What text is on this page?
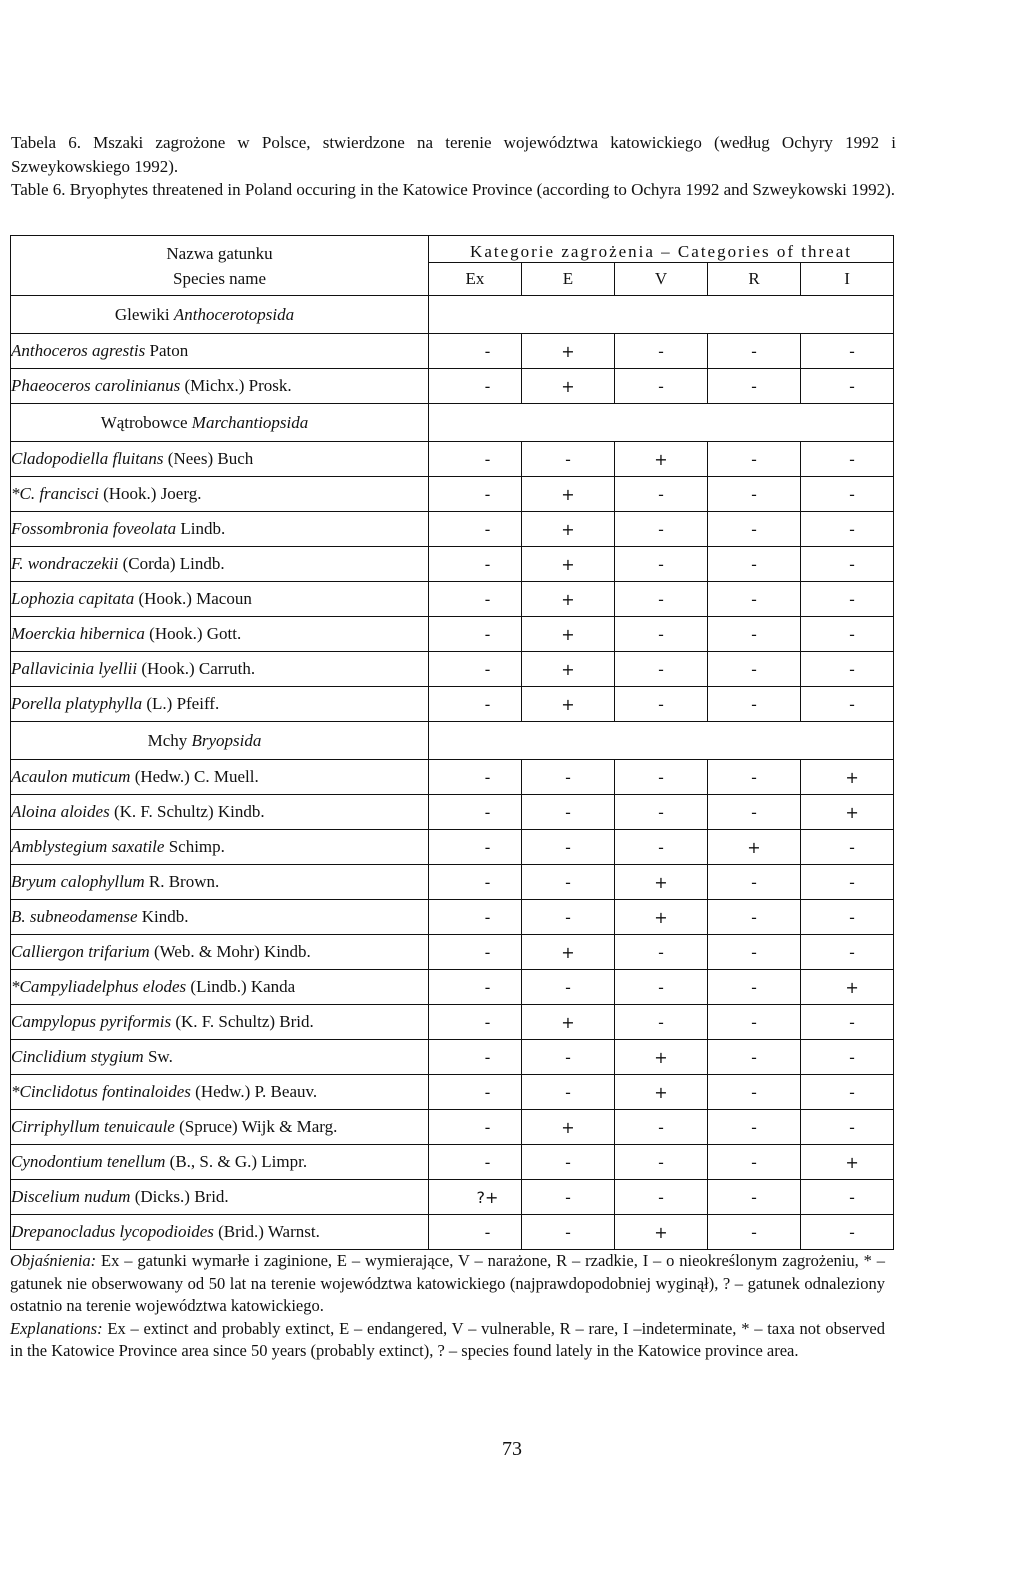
Tabela 6. Mszaki zagrożone w Polsce, stwierdzone na terenie województwa katowickiego (według Ochyry 1992 i Szweykowskiego 1992).

Table 6. Bryophytes threatened in Poland occuring in the Katowice Province (according to Ochyra 1992 and Szweykowski 1992).

Nazwa gatunku
Species name	Kategorie zagrożenia – Categories of threat				
	Ex	E	V	R	I
Glewiki Anthocerotopsida					
Anthoceros agrestis Paton	-	+	-	-	-
Phaeoceros carolinianus (Michx.) Prosk.	-	+	-	-	-
Wątrobowce Marchantiopsida					
Cladopodiella fluitans (Nees) Buch	-	-	+	-	-
*C. francisci (Hook.) Joerg.	-	+	-	-	-
Fossombronia foveolata Lindb.	-	+	-	-	-
F. wondraczekii (Corda) Lindb.	-	+	-	-	-
Lophozia capitata (Hook.) Macoun	-	+	-	-	-
Moerckia hibernica (Hook.) Gott.	-	+	-	-	-
Pallavicinia lyellii (Hook.) Carruth.	-	+	-	-	-
Porella platyphylla (L.) Pfeiff.	-	+	-	-	-
Mchy Bryopsida					
Acaulon muticum (Hedw.) C. Muell.	-	-	-	-	+
Aloina aloides (K. F. Schultz) Kindb.	-	-	-	-	+
Amblystegium saxatile Schimp.	-	-	-	+	-
Bryum calophyllum R. Brown.	-	-	+	-	-
B. subneodamense Kindb.	-	-	+	-	-
Calliergon trifarium (Web. & Mohr) Kindb.	-	+	-	-	-
*Campyliadelphus elodes (Lindb.) Kanda	-	-	-	-	+
Campylopus pyriformis (K. F. Schultz) Brid.	-	+	-	-	-
Cinclidium stygium Sw.	-	-	+	-	-
*Cinclidotus fontinaloides (Hedw.) P. Beauv.	-	-	+	-	-
Cirriphyllum tenuicaule (Spruce) Wijk & Marg.	-	+	-	-	-
Cynodontium tenellum (B., S. & G.) Limpr.	-	-	-	-	+
Discelium nudum (Dicks.) Brid.	?+	-	-	-	-
Drepanocladus lycopodioides (Brid.) Warnst.	-	-	+	-	-

Objaśnienia: Ex – gatunki wymarłe i zaginione, E – wymierające, V – narażone, R – rzadkie, I – o nieokreślonym zagrożeniu, * – gatunek nie obserwowany od 50 lat na terenie województwa katowickiego (najprawdopodobniej wyginął), ? – gatunek odnaleziony ostatnio na terenie województwa katowickiego.

Explanations: Ex – extinct and probably extinct, E – endangered, V – vulnerable, R – rare, I –indeterminate, * – taxa not observed in the Katowice Province area since 50 years (probably extinct), ? – species found lately in the Katowice province area.

73
